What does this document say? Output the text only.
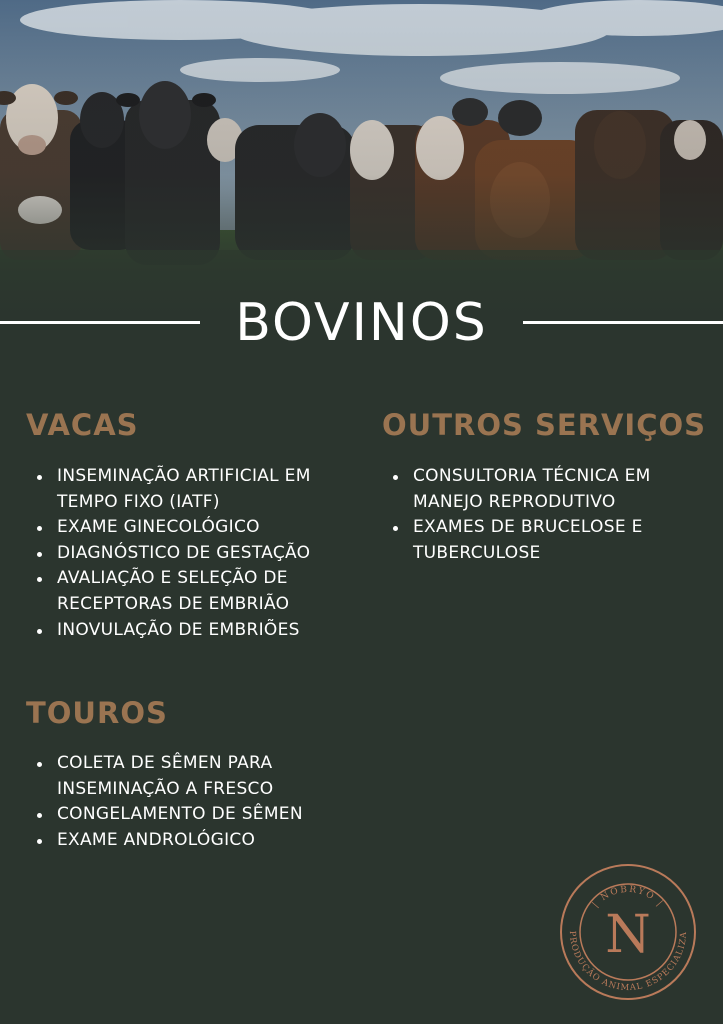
BOVINOS
VACAS
INSEMINAÇÃO ARTIFICIAL EM TEMPO FIXO (IATF)
EXAME GINECOLÓGICO
DIAGNÓSTICO DE GESTAÇÃO
AVALIAÇÃO E SELEÇÃO DE RECEPTORAS DE EMBRIÃO
INOVULAÇÃO DE EMBRIÕES
OUTROS SERVIÇOS
CONSULTORIA TÉCNICA EM MANEJO REPRODUTIVO
EXAMES DE BRUCELOSE E TUBERCULOSE
TOUROS
COLETA DE SÊMEN PARA INSEMINAÇÃO A FRESCO
CONGELAMENTO DE SÊMEN
EXAME ANDROLÓGICO
| NOBRYO |
PRODUÇÃO ANIMAL ESPECIALIZA
N
